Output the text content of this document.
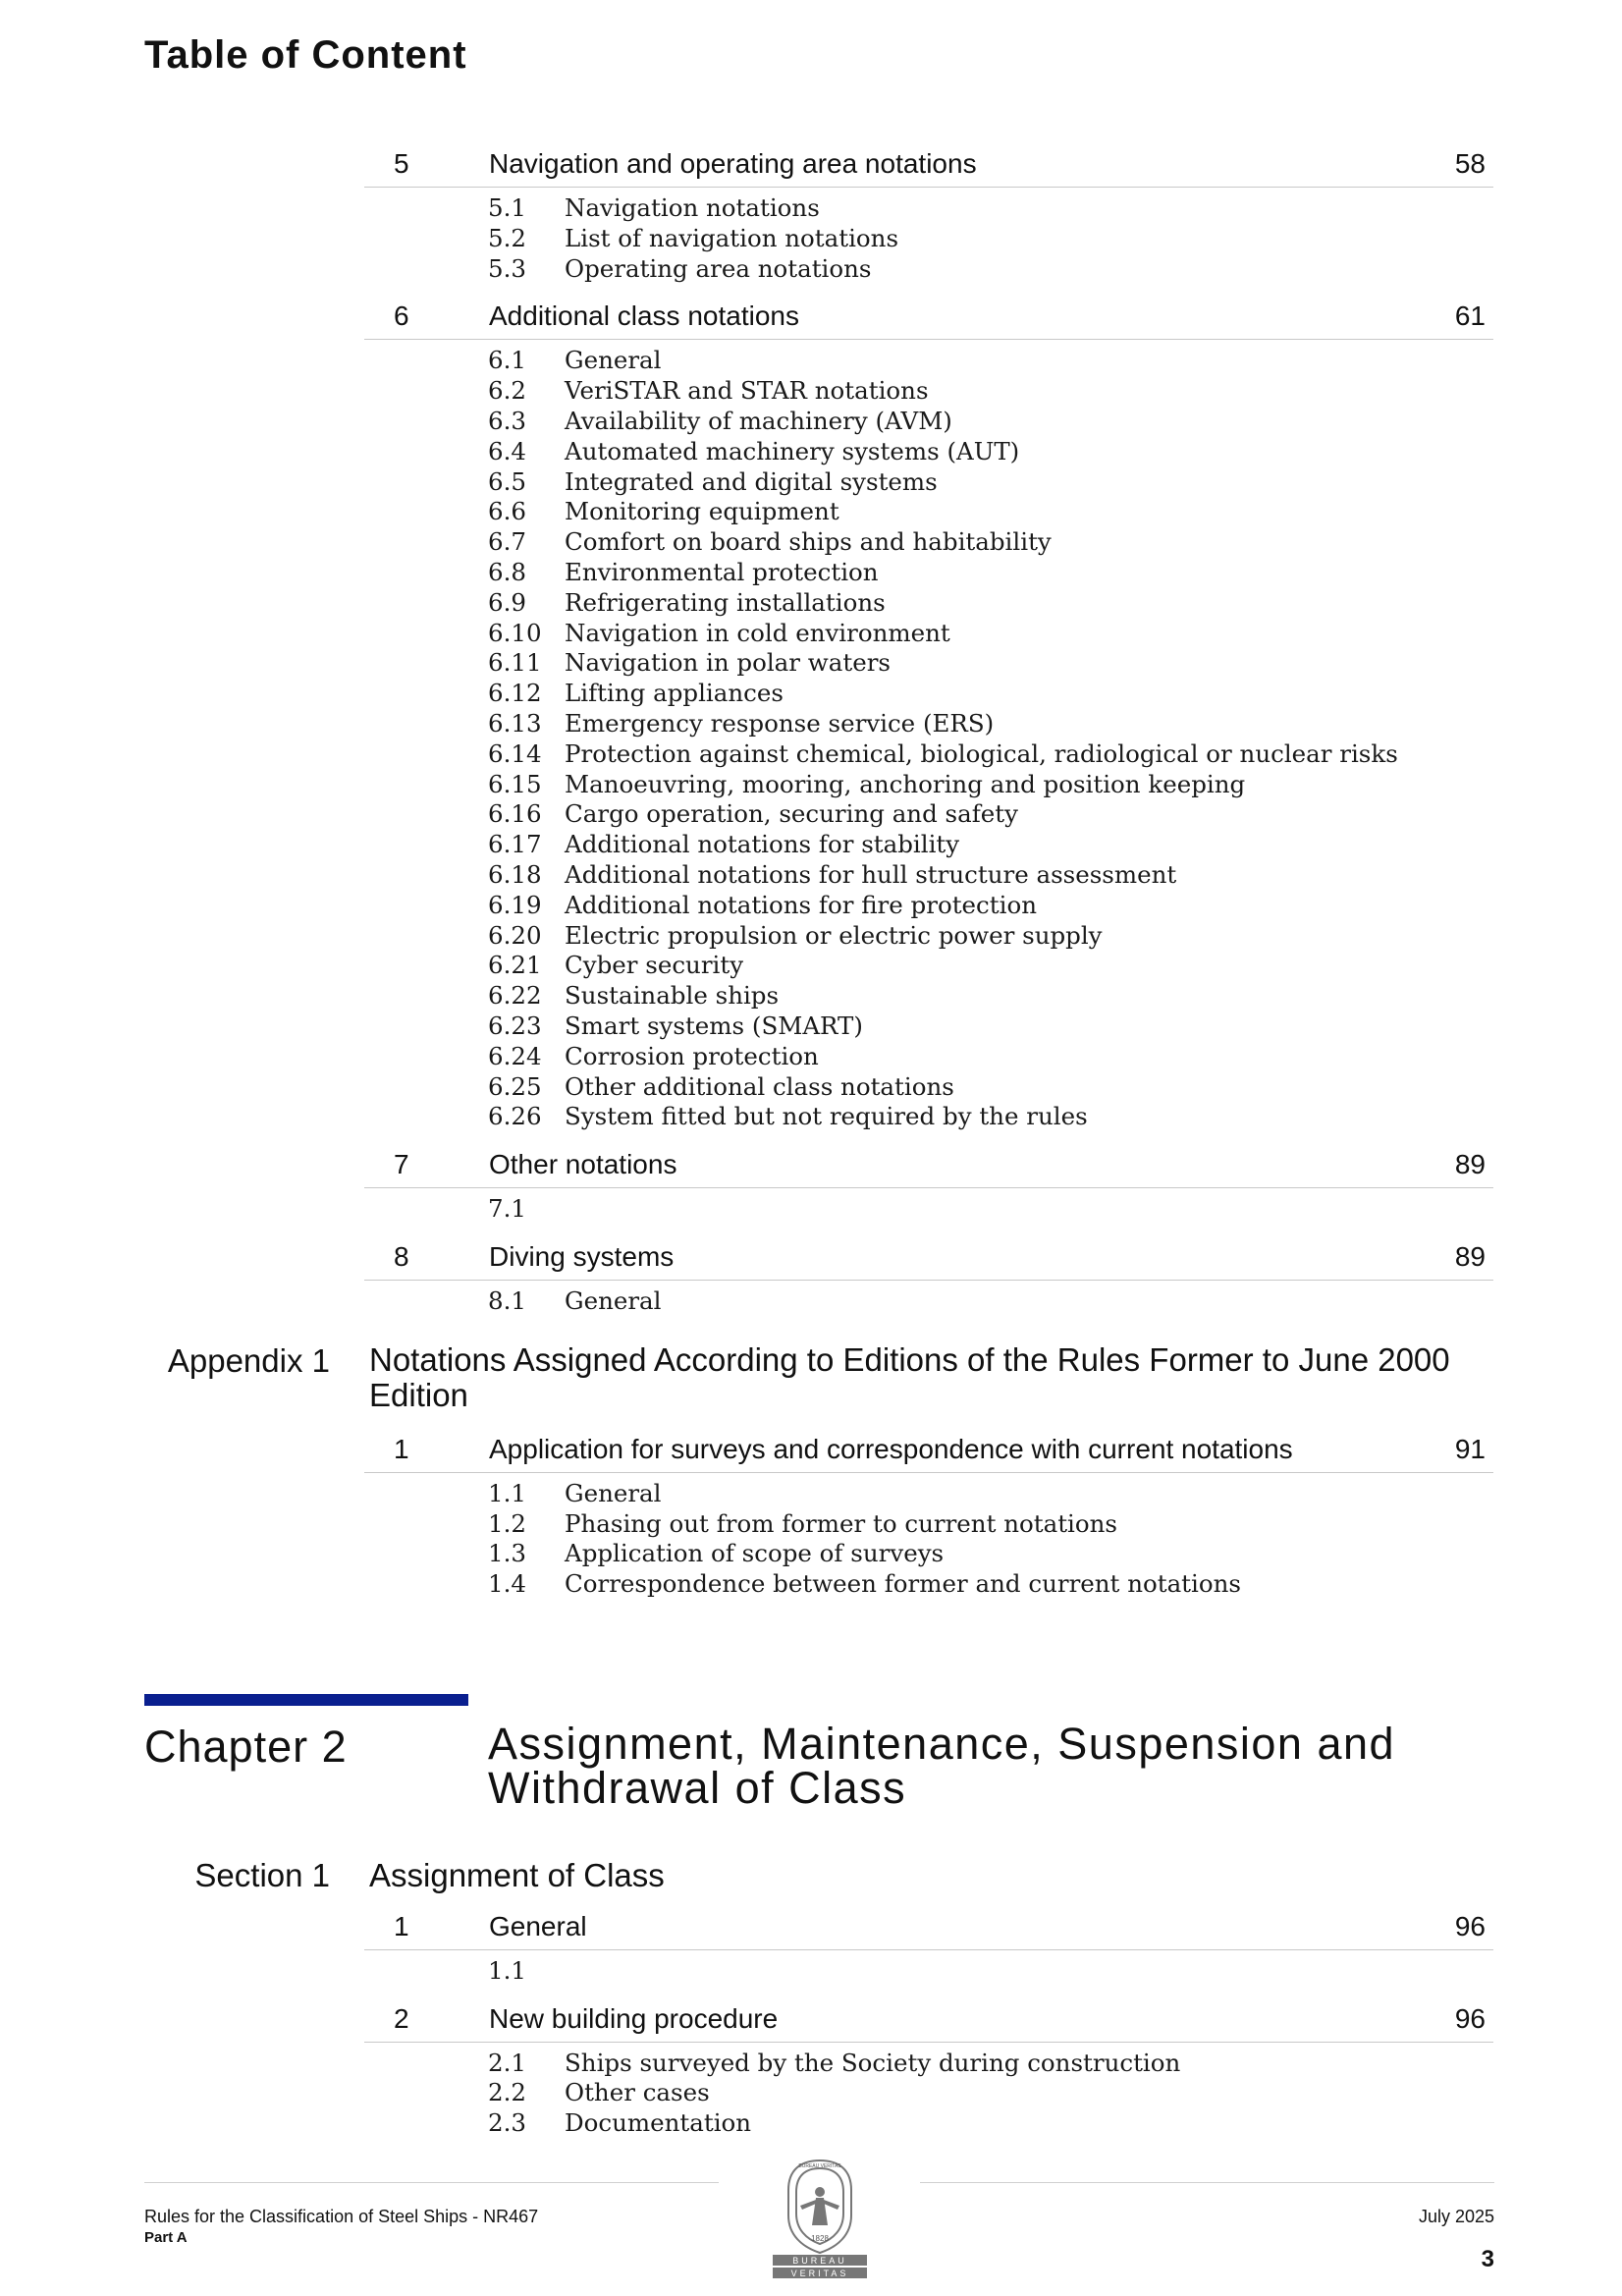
Table of Content
5	Navigation and operating area notations	58
5.1 Navigation notations
5.2 List of navigation notations
5.3 Operating area notations
6	Additional class notations	61
6.1 General
6.2 VeriSTAR and STAR notations
6.3 Availability of machinery (AVM)
6.4 Automated machinery systems (AUT)
6.5 Integrated and digital systems
6.6 Monitoring equipment
6.7 Comfort on board ships and habitability
6.8 Environmental protection
6.9 Refrigerating installations
6.10 Navigation in cold environment
6.11 Navigation in polar waters
6.12 Lifting appliances
6.13 Emergency response service (ERS)
6.14 Protection against chemical, biological, radiological or nuclear risks
6.15 Manoeuvring, mooring, anchoring and position keeping
6.16 Cargo operation, securing and safety
6.17 Additional notations for stability
6.18 Additional notations for hull structure assessment
6.19 Additional notations for fire protection
6.20 Electric propulsion or electric power supply
6.21 Cyber security
6.22 Sustainable ships
6.23 Smart systems (SMART)
6.24 Corrosion protection
6.25 Other additional class notations
6.26 System fitted but not required by the rules
7	Other notations	89
7.1
8	Diving systems	89
8.1 General
Appendix 1 Notations Assigned According to Editions of the Rules Former to June 2000 Edition
1	Application for surveys and correspondence with current notations	91
1.1 General
1.2 Phasing out from former to current notations
1.3 Application of scope of surveys
1.4 Correspondence between former and current notations
Chapter 2	Assignment, Maintenance, Suspension and Withdrawal of Class
Section 1 Assignment of Class
1	General	96
1.1
2	New building procedure	96
2.1 Ships surveyed by the Society during construction
2.2 Other cases
2.3 Documentation
Rules for the Classification of Steel Ships - NR467
Part A
July 2025
3
BUREAU VERITAS
1828
BUREAU
VERITAS
